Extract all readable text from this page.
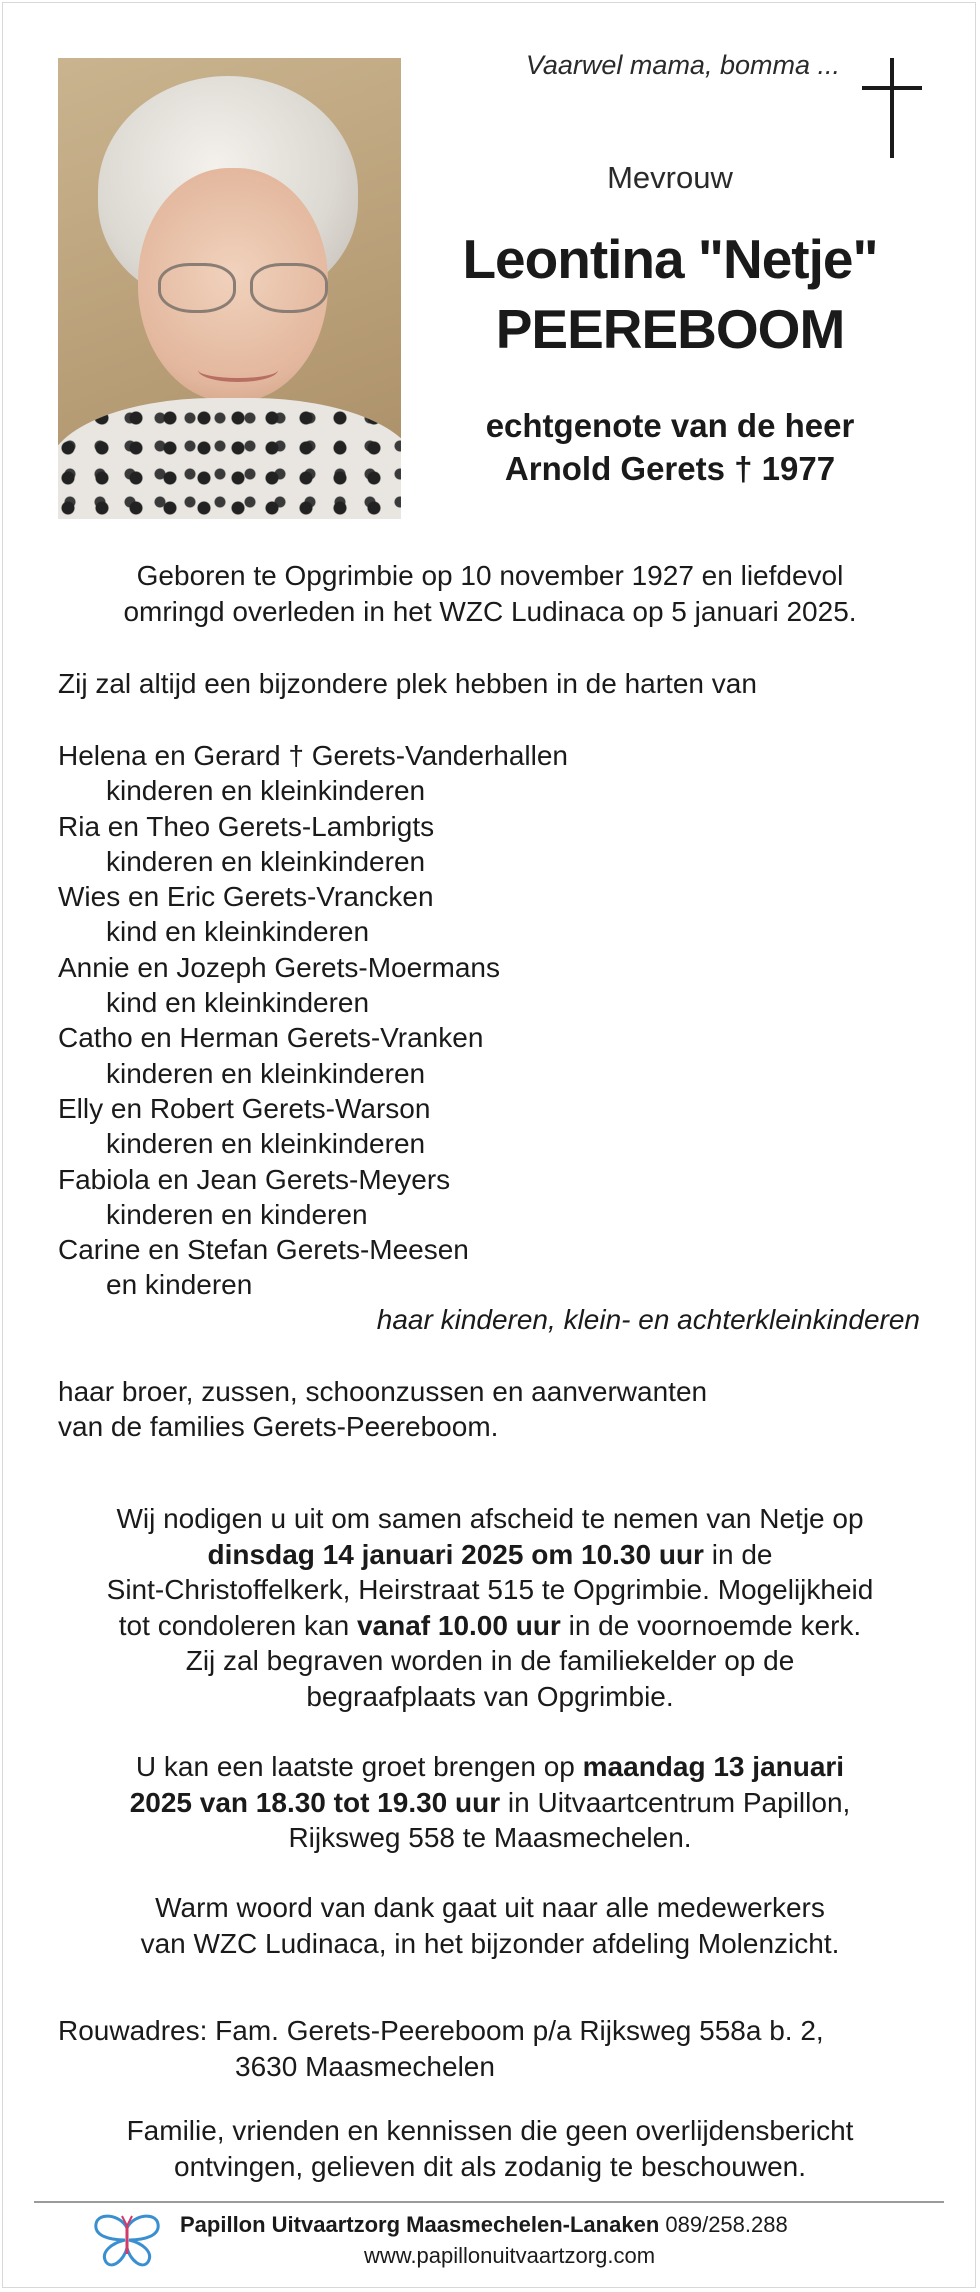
Vaarwel mama, bomma ...
Mevrouw
Leontina "Netje"
PEEREBOOM
echtgenote van de heer
Arnold Gerets † 1977
Geboren te Opgrimbie op 10 november 1927 en liefdevol
omringd overleden in het WZC Ludinaca op 5 januari 2025.
Zij zal altijd een bijzondere plek hebben in de harten van
Helena en Gerard † Gerets-Vanderhallen
kinderen en kleinkinderen
Ria en Theo Gerets-Lambrigts
kinderen en kleinkinderen
Wies en Eric Gerets-Vrancken
kind en kleinkinderen
Annie en Jozeph Gerets-Moermans
kind en kleinkinderen
Catho en Herman Gerets-Vranken
kinderen en kleinkinderen
Elly en Robert Gerets-Warson
kinderen en kleinkinderen
Fabiola en Jean Gerets-Meyers
kinderen en kinderen
Carine en Stefan Gerets-Meesen
en kinderen
haar kinderen, klein- en achterkleinkinderen
haar broer, zussen, schoonzussen en aanverwanten
van de families Gerets-Peereboom.
Wij nodigen u uit om samen afscheid te nemen van Netje op
dinsdag 14 januari 2025 om 10.30 uur in de
Sint-Christoffelkerk, Heirstraat 515 te Opgrimbie. Mogelijkheid
tot condoleren kan vanaf 10.00 uur in de voornoemde kerk.
Zij zal begraven worden in de familiekelder op de
begraafplaats van Opgrimbie.
U kan een laatste groet brengen op maandag 13 januari
2025 van 18.30 tot 19.30 uur in Uitvaartcentrum Papillon,
Rijksweg 558 te Maasmechelen.
Warm woord van dank gaat uit naar alle medewerkers
van WZC Ludinaca, in het bijzonder afdeling Molenzicht.
Rouwadres: Fam. Gerets-Peereboom p/a Rijksweg 558a b. 2,
3630 Maasmechelen
Familie, vrienden en kennissen die geen overlijdensbericht
ontvingen, gelieven dit als zodanig te beschouwen.
Papillon Uitvaartzorg Maasmechelen-Lanaken 089/258.288
www.papillonuitvaartzorg.com
